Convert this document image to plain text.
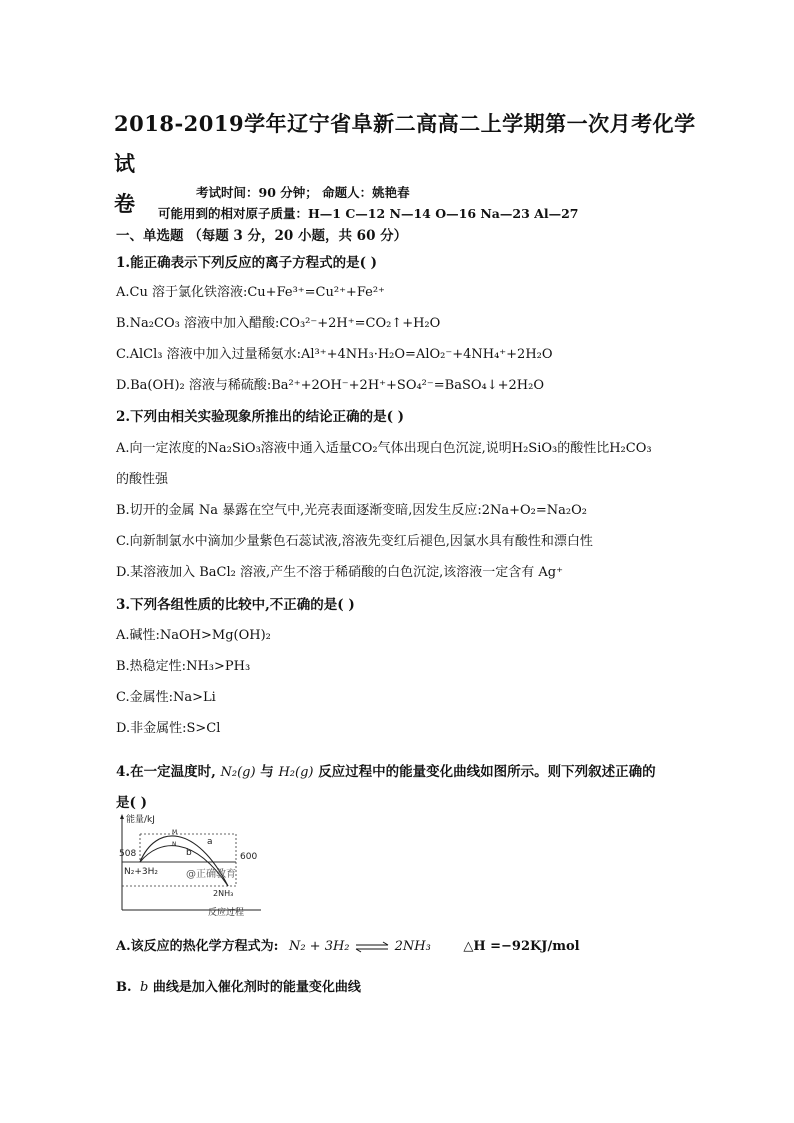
2018-2019学年辽宁省阜新二高高二上学期第一次月考化学试
卷	考试时间：90 分钟； 命题人：姚艳春
可能用到的相对原子质量：H—1 C—12 N—14 O—16 Na—23 Al—27
一、单选题 （每题 3 分，20 小题，共 60 分）
1.能正确表示下列反应的离子方程式的是( )
A.Cu 溶于氯化铁溶液:Cu+Fe³⁺=Cu²⁺+Fe²⁺
B.Na₂CO₃ 溶液中加入醋酸:CO₃²⁻+2H⁺=CO₂↑+H₂O
C.AlCl₃ 溶液中加入过量稀氨水:Al³⁺+4NH₃·H₂O=AlO₂⁻+4NH₄⁺+2H₂O
D.Ba(OH)₂ 溶液与稀硫酸:Ba²⁺+2OH⁻+2H⁺+SO₄²⁻=BaSO₄↓+2H₂O
2.下列由相关实验现象所推出的结论正确的是( )
A.向一定浓度的Na₂SiO₃溶液中通入适量CO₂气体出现白色沉淀,说明H₂SiO₃的酸性比H₂CO₃
的酸性强
B.切开的金属 Na 暴露在空气中,光亮表面逐渐变暗,因发生反应:2Na+O₂=Na₂O₂
C.向新制氯水中滴加少量紫色石蕊试液,溶液先变红后褪色,因氯水具有酸性和漂白性
D.某溶液加入 BaCl₂ 溶液,产生不溶于稀硝酸的白色沉淀,该溶液一定含有 Ag⁺
3.下列各组性质的比较中,不正确的是( )
A.碱性:NaOH>Mg(OH)₂
B.热稳定性:NH₃>PH₃
C.金属性:Na>Li
D.非金属性:S>Cl
4.在一定温度时, N₂(g) 与 H₂(g) 反应过程中的能量变化曲线如图所示。则下列叙述正确的
是( )
能量/kJ
M
N	a
b
508	600
N₂+3H₂	@正确教育
2NH₃
反应过程
A.该反应的热化学方程式为: N₂ + 3H₂ ⇌ 2NH₃	△H =−92KJ/mol
B. b 曲线是加入催化剂时的能量变化曲线
